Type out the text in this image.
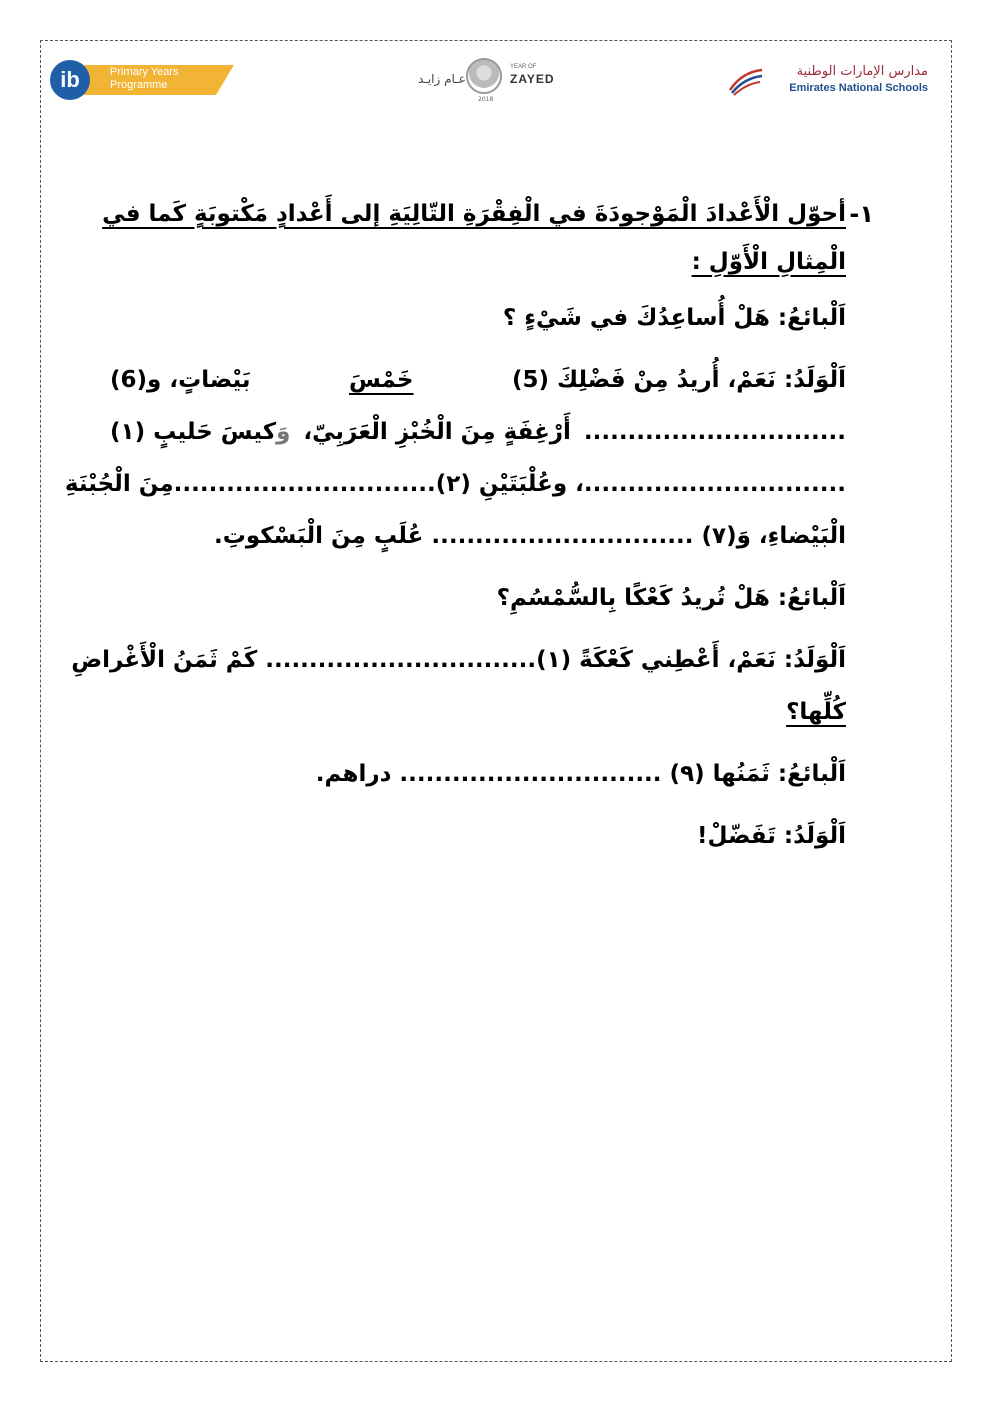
ib	Primary Years
Programme	عـام زايـد
2018
YEAR OF
ZAYED	مدارس الإمارات الوطنية
Emirates National Schools
١-
أحوّل الْأَعْدادَ الْمَوْجودَةَ في الْفِقْرَةِ التّالِيَةِ إلى أَعْدادٍ مَكْتوبَةٍ كَما في الْمِثالِ الْأَوّلِ :
اَلْبائعُ: هَلْ أُساعِدُكَ في شَيْءٍ ؟
اَلْوَلَدُ: نَعَمْ، أُريدُ مِنْ فَضْلِكَ (5)
خَمْسَ
بَيْضاتٍ، و(6)
..............................
أَرْغِفَةٍ مِنَ الْخُبْزِ الْعَرَبِيّ،
وَكيسَ حَليبٍ (١)
..............................
، وعُلْبَتَيْنِ (٢)
..............................
مِنَ الْجُبْنَةِ
الْبَيْضاءِ، وَ(٧) .............................. عُلَبٍ مِنَ الْبَسْكوتِ.
اَلْبائعُ: هَلْ تُريدُ كَعْكًا بِالسُّمْسُمِ؟
اَلْوَلَدُ: نَعَمْ، أَعْطِني كَعْكَةً (١)
..............................
. كَمْ ثَمَنُ الْأَغْراضِ
كُلِّها؟
اَلْبائعُ: ثَمَنُها (٩) .............................. دراهم.
اَلْوَلَدُ: تَفَضّلْ!
